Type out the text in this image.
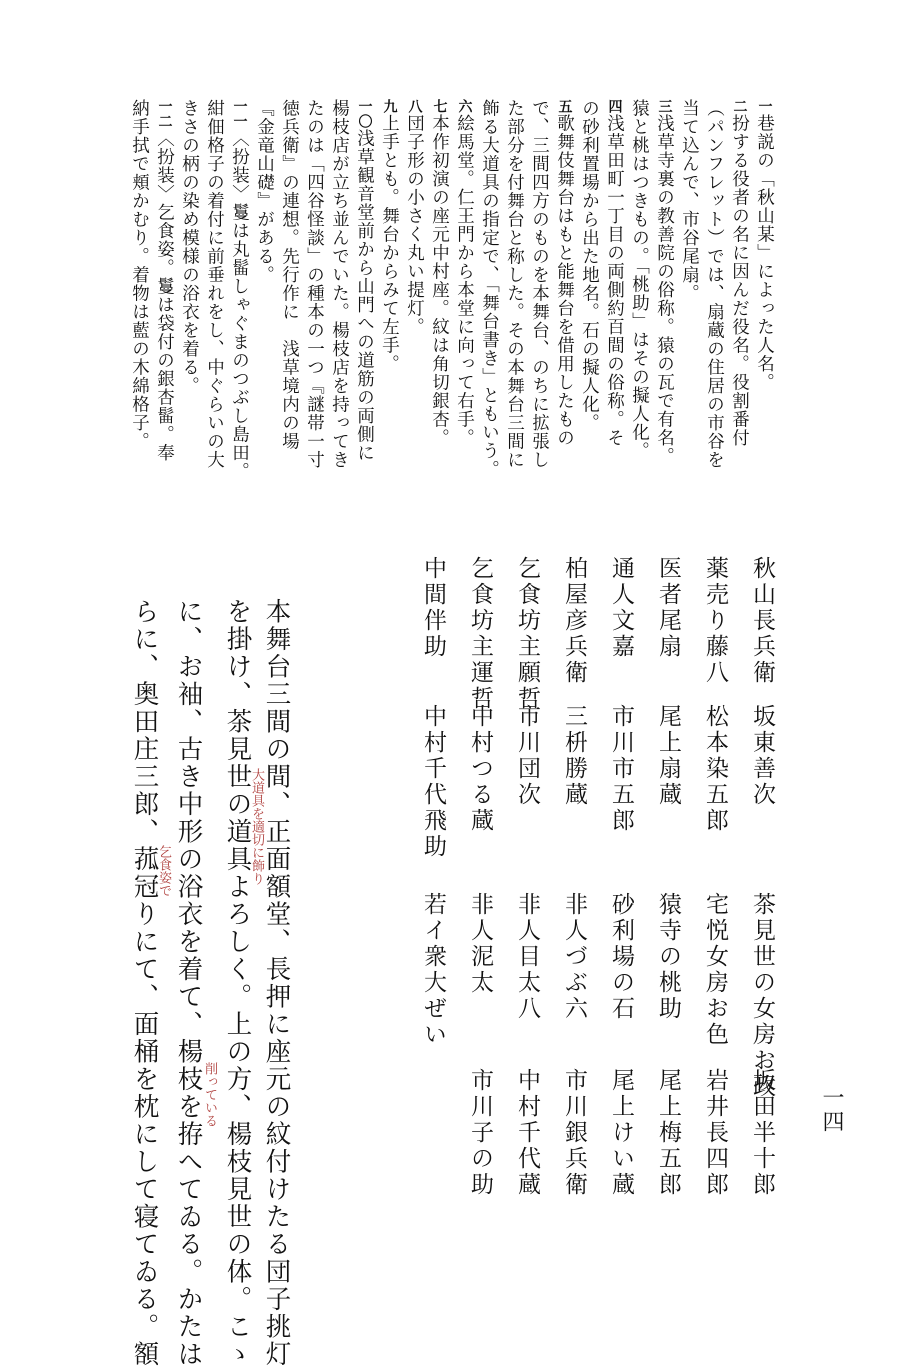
一四
一巷説の「秋山某」によった人名。
二扮する役者の名に因んだ役名。役割番付
（パンフレット）では、扇蔵の住居の市谷を
当て込んで、市谷尾扇。
三浅草寺裏の教善院の俗称。猿の瓦で有名。
猿と桃はつきもの。「桃助」はその擬人化。
四浅草田町一丁目の両側約百間の俗称。そ
の砂利置場から出た地名。石の擬人化。
五歌舞伎舞台はもと能舞台を借用したもの
で、三間四方のものを本舞台、のちに拡張し
た部分を付舞台と称した。その本舞台三間に
飾る大道具の指定で、「舞台書き」ともいう。
六絵馬堂。仁王門から本堂に向って右手。
七本作初演の座元中村座。紋は角切銀杏。
八団子形の小さく丸い提灯。
九上手とも。舞台からみて左手。
一〇浅草観音堂前から山門への道筋の両側に
楊枝店が立ち並んでいた。楊枝店を持ってき
たのは「四谷怪談」の種本の一つ『謎帯一寸
徳兵衛』の連想。先行作に　浅草境内の場
『金竜山礎』がある。
一一〈扮装〉鬘は丸髷しゃぐまのつぶし島田。
紺佃格子の着付に前垂れをし、中ぐらいの大
きさの柄の染め模様の浴衣を着る。
一二〈扮装〉乞食姿。鬘は袋付の銀杏髷。奉
納手拭で頬かむり。着物は藍の木綿格子。
秋山長兵衛
薬売り藤八
医者尾扇
通人文嘉
柏屋彦兵衛
乞食坊主願哲
乞食坊主運哲
中間伴助
坂東善次
松本染五郎
尾上扇蔵
市川市五郎
三枡勝蔵
市川団次
中村つる蔵
中村千代飛助
茶見世の女房お政
宅悦女房お色
猿寺の桃助
砂利場の石
非人づぶ六
非人目太八
非人泥太
若イ衆大ぜい
坂田半十郎
岩井長四郎
尾上梅五郎
尾上けい蔵
市川銀兵衛
中村千代蔵
市川子の助
本舞台三間の間、正面額堂、長押に座元の紋付けたる団子挑灯
を掛け、茶見世の道具よろしく。上の方、楊枝見世の体。こゝ
に、お袖、古き中形の浴衣を着て、楊枝を拵へてゐる。かたは
らに、奥田庄三郎、菰冠りにて、面桶を枕にして寝てゐる。額	大道具を適切に飾り
削っている
乞食姿で
